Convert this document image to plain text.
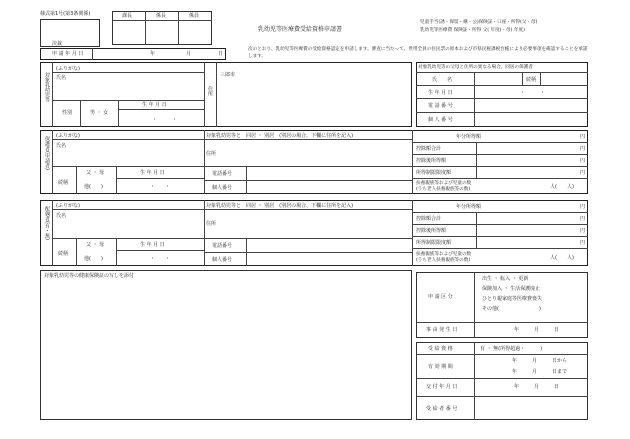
様式第1号(第3条関係)
決裁
課長	係長	係員
乳幼児等医療費受給資格申請書
児童手当(誘・保留・継・公)保険証・口座・所得(父・母)
乳幼児等医療費 保険証・所得 父( 年度)・母( 年度)
申 請 年 月 日	年	月	日
次のとおり、乳幼児等医療費の受給資格認定を申請します。審査に当たって、世帯全員の住民票の原本および市県民税課税台帳により必要事項を確認することを承諾します。
対象乳幼児等
(ふりがな)
氏名
住所
三郎市
性別	男 ・ 女
生 年 月 日
・　　　・
対象乳幼児等の父母と住所の異なる場合、同居の保護者
氏　　名	続柄
生 年 月 日	・　　　・
電 話 番 号
個 人 番 号
保護者(申請者) (ふりがな)
氏名
対象乳幼児等と　同居 ・ 別居　(別居の場合、下欄に住所を記入)
住所
続柄
父 ・ 母
他(　　)
生 年 月 日
・　　・
電話番号
個人番号
年分所得額	円
控除額合計	円
控除後所得額	円
所得制限限度額	円
扶養親族等および児童の数
(うち老人扶養親族等の数)	人(　　人)
配偶者(有・無) (ふりがな)
氏名
対象乳幼児等と　同居 ・ 別居　(別居の場合、下欄に住所を記入)
住所
続柄
父 ・ 母
他(　　)
生 年 月 日
・　　・
電話番号
個人番号
年分所得額	円
控除額合計	円
控除後所得額	円
所得制限限度額	円
扶養親族等および児童の数
(うち老人扶養親族等の数)	人(　　人)
対象乳幼児等の健康保険証の写しを添付
申 請 区 分
出生 ・ 転入 ・ 更新
保険加入 ・ 生活保護廃止
ひとり親家庭等医療費喪失
その他(　　　　　　　　)
事 由 発 生 日	年　　　月　　　日
受 給 資 格	有 ・ 無(所得超過・　　　)
有 効 期 間
年　　　月　　　日から
年　　　月　　　日まで
交 付 年 月 日	年　　　月　　　日
受 給 者 番 号
